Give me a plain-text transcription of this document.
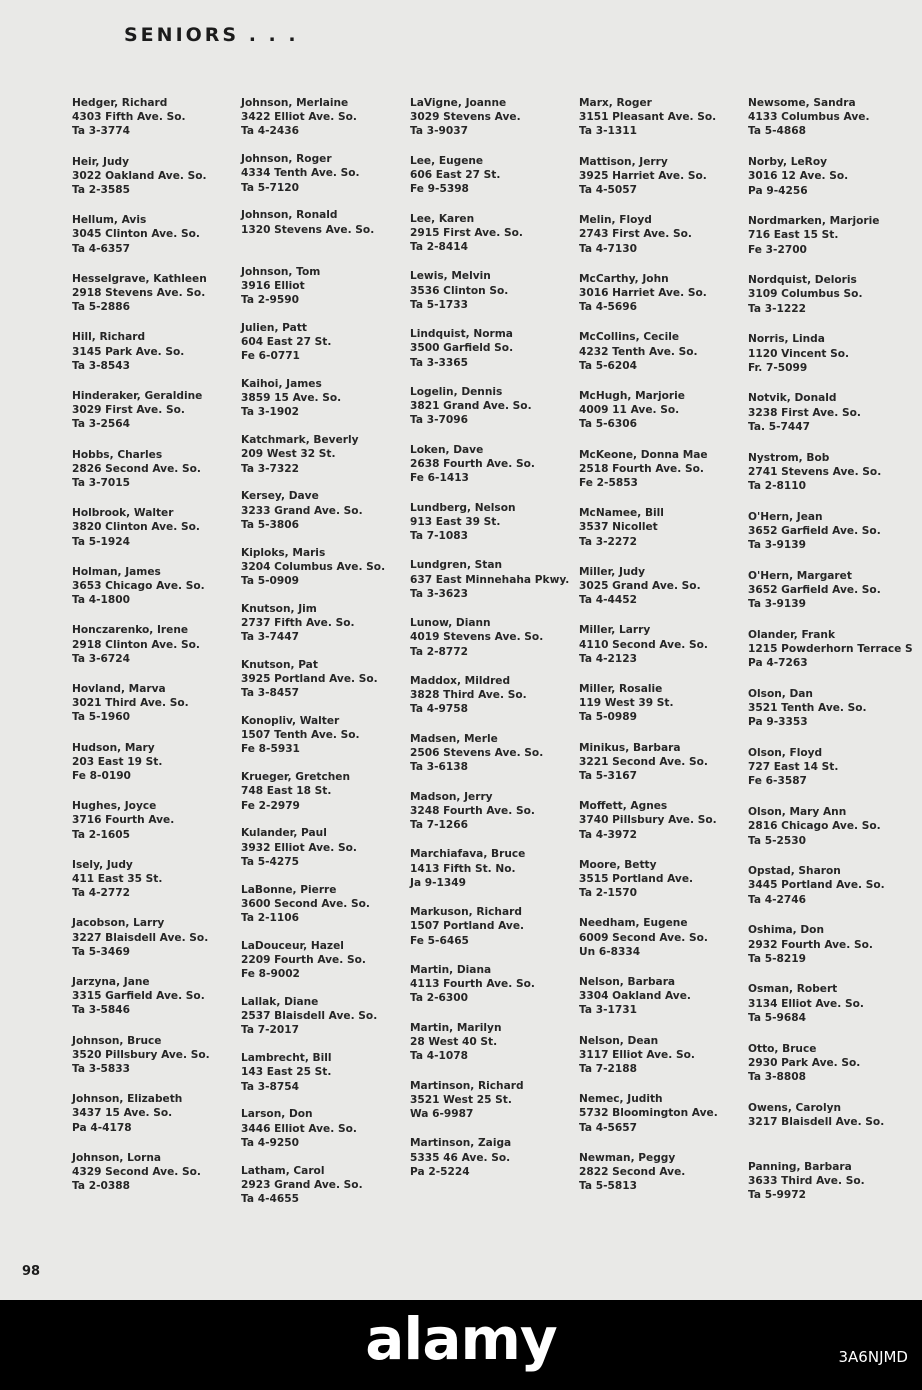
SENIORS . . .
Hedger, Richard
4303 Fifth Ave. So.
Ta 3-3774
Heir, Judy
3022 Oakland Ave. So.
Ta 2-3585
Hellum, Avis
3045 Clinton Ave. So.
Ta 4-6357
Hesselgrave, Kathleen
2918 Stevens Ave. So.
Ta 5-2886
Hill, Richard
3145 Park Ave. So.
Ta 3-8543
Hinderaker, Geraldine
3029 First Ave. So.
Ta 3-2564
Hobbs, Charles
2826 Second Ave. So.
Ta 3-7015
Holbrook, Walter
3820 Clinton Ave. So.
Ta 5-1924
Holman, James
3653 Chicago Ave. So.
Ta 4-1800
Honczarenko, Irene
2918 Clinton Ave. So.
Ta 3-6724
Hovland, Marva
3021 Third Ave. So.
Ta 5-1960
Hudson, Mary
203 East 19 St.
Fe 8-0190
Hughes, Joyce
3716 Fourth Ave.
Ta 2-1605
Isely, Judy
411 East 35 St.
Ta 4-2772
Jacobson, Larry
3227 Blaisdell Ave. So.
Ta 5-3469
Jarzyna, Jane
3315 Garfield Ave. So.
Ta 3-5846
Johnson, Bruce
3520 Pillsbury Ave. So.
Ta 3-5833
Johnson, Elizabeth
3437 15 Ave. So.
Pa 4-4178
Johnson, Lorna
4329 Second Ave. So.
Ta 2-0388
Johnson, Merlaine
3422 Elliot Ave. So.
Ta 4-2436
Johnson, Roger
4334 Tenth Ave. So.
Ta 5-7120
Johnson, Ronald
1320 Stevens Ave. So.
Johnson, Tom
3916 Elliot
Ta 2-9590
Julien, Patt
604 East 27 St.
Fe 6-0771
Kaihoi, James
3859 15 Ave. So.
Ta 3-1902
Katchmark, Beverly
209 West 32 St.
Ta 3-7322
Kersey, Dave
3233 Grand Ave. So.
Ta 5-3806
Kiploks, Maris
3204 Columbus Ave. So.
Ta 5-0909
Knutson, Jim
2737 Fifth Ave. So.
Ta 3-7447
Knutson, Pat
3925 Portland Ave. So.
Ta 3-8457
Konopliv, Walter
1507 Tenth Ave. So.
Fe 8-5931
Krueger, Gretchen
748 East 18 St.
Fe 2-2979
Kulander, Paul
3932 Elliot Ave. So.
Ta 5-4275
LaBonne, Pierre
3600 Second Ave. So.
Ta 2-1106
LaDouceur, Hazel
2209 Fourth Ave. So.
Fe 8-9002
Lallak, Diane
2537 Blaisdell Ave. So.
Ta 7-2017
Lambrecht, Bill
143 East 25 St.
Ta 3-8754
Larson, Don
3446 Elliot Ave. So.
Ta 4-9250
Latham, Carol
2923 Grand Ave. So.
Ta 4-4655
LaVigne, Joanne
3029 Stevens Ave.
Ta 3-9037
Lee, Eugene
606 East 27 St.
Fe 9-5398
Lee, Karen
2915 First Ave. So.
Ta 2-8414
Lewis, Melvin
3536 Clinton So.
Ta 5-1733
Lindquist, Norma
3500 Garfield So.
Ta 3-3365
Logelin, Dennis
3821 Grand Ave. So.
Ta 3-7096
Loken, Dave
2638 Fourth Ave. So.
Fe 6-1413
Lundberg, Nelson
913 East 39 St.
Ta 7-1083
Lundgren, Stan
637 East Minnehaha Pkwy.
Ta 3-3623
Lunow, Diann
4019 Stevens Ave. So.
Ta 2-8772
Maddox, Mildred
3828 Third Ave. So.
Ta 4-9758
Madsen, Merle
2506 Stevens Ave. So.
Ta 3-6138
Madson, Jerry
3248 Fourth Ave. So.
Ta 7-1266
Marchiafava, Bruce
1413 Fifth St. No.
Ja 9-1349
Markuson, Richard
1507 Portland Ave.
Fe 5-6465
Martin, Diana
4113 Fourth Ave. So.
Ta 2-6300
Martin, Marilyn
28 West 40 St.
Ta 4-1078
Martinson, Richard
3521 West 25 St.
Wa 6-9987
Martinson, Zaiga
5335 46 Ave. So.
Pa 2-5224
Marx, Roger
3151 Pleasant Ave. So.
Ta 3-1311
Mattison, Jerry
3925 Harriet Ave. So.
Ta 4-5057
Melin, Floyd
2743 First Ave. So.
Ta 4-7130
McCarthy, John
3016 Harriet Ave. So.
Ta 4-5696
McCollins, Cecile
4232 Tenth Ave. So.
Ta 5-6204
McHugh, Marjorie
4009 11 Ave. So.
Ta 5-6306
McKeone, Donna Mae
2518 Fourth Ave. So.
Fe 2-5853
McNamee, Bill
3537 Nicollet
Ta 3-2272
Miller, Judy
3025 Grand Ave. So.
Ta 4-4452
Miller, Larry
4110 Second Ave. So.
Ta 4-2123
Miller, Rosalie
119 West 39 St.
Ta 5-0989
Minikus, Barbara
3221 Second Ave. So.
Ta 5-3167
Moffett, Agnes
3740 Pillsbury Ave. So.
Ta 4-3972
Moore, Betty
3515 Portland Ave.
Ta 2-1570
Needham, Eugene
6009 Second Ave. So.
Un 6-8334
Nelson, Barbara
3304 Oakland Ave.
Ta 3-1731
Nelson, Dean
3117 Elliot Ave. So.
Ta 7-2188
Nemec, Judith
5732 Bloomington Ave.
Ta 4-5657
Newman, Peggy
2822 Second Ave.
Ta 5-5813
Newsome, Sandra
4133 Columbus Ave.
Ta 5-4868
Norby, LeRoy
3016 12 Ave. So.
Pa 9-4256
Nordmarken, Marjorie
716 East 15 St.
Fe 3-2700
Nordquist, Deloris
3109 Columbus So.
Ta 3-1222
Norris, Linda
1120 Vincent So.
Fr. 7-5099
Notvik, Donald
3238 First Ave. So.
Ta. 5-7447
Nystrom, Bob
2741 Stevens Ave. So.
Ta 2-8110
O'Hern, Jean
3652 Garfield Ave. So.
Ta 3-9139
O'Hern, Margaret
3652 Garfield Ave. So.
Ta 3-9139
Olander, Frank
1215 Powderhorn Terrace S
Pa 4-7263
Olson, Dan
3521 Tenth Ave. So.
Pa 9-3353
Olson, Floyd
727 East 14 St.
Fe 6-3587
Olson, Mary Ann
2816 Chicago Ave. So.
Ta 5-2530
Opstad, Sharon
3445 Portland Ave. So.
Ta 4-2746
Oshima, Don
2932 Fourth Ave. So.
Ta 5-8219
Osman, Robert
3134 Elliot Ave. So.
Ta 5-9684
Otto, Bruce
2930 Park Ave. So.
Ta 3-8808
Owens, Carolyn
3217 Blaisdell Ave. So.
Panning, Barbara
3633 Third Ave. So.
Ta 5-9972
98
alamy	3A6NJMD
